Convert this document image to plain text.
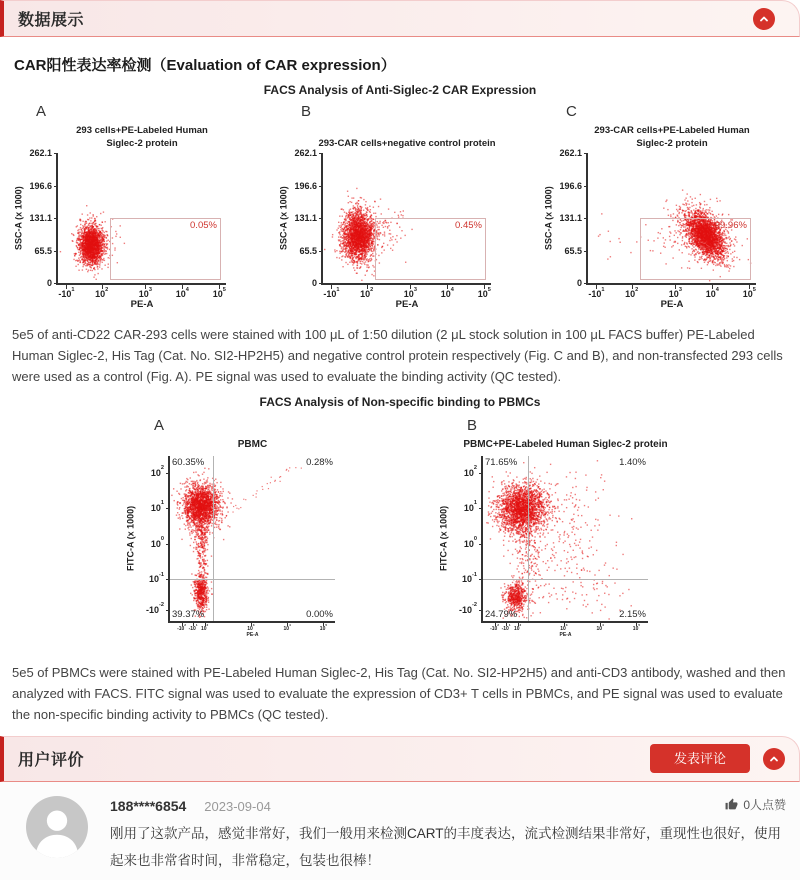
数据展示
CAR阳性表达率检测（Evaluation of CAR expression）
FACS Analysis of Anti-Siglec-2 CAR Expression
A
293 cells+PE-Labeled Human
Siglec-2 protein
SSC-A (x 1000)
262.1
196.6
131.1
65.5
0
0.05%
$-10^1$ $10^2$	$10^3$	$10^4$	$10^5$
PE-A
B
293-CAR cells+negative control protein
SSC-A (x 1000)
262.1
196.6
131.1
65.5
0
0.45%
$-10^1$ $10^2$	$10^3$	$10^4$	$10^5$
PE-A
C
293-CAR cells+PE-Labeled Human
Siglec-2 protein
SSC-A (x 1000)
262.1
196.6
131.1
65.5
0
99.96%
$-10^1$ $10^2$	$10^3$	$10^4$	$10^5$
PE-A

5e5 of anti-CD22 CAR-293 cells were stained with 100 μL of 1:50 dilution (2 μL stock solution in 100 μL FACS buffer) PE-Labeled Human Siglec-2, His Tag (Cat. No. SI2-HP2H5) and negative control protein respectively (Fig. C and B), and non-transfected 293 cells were used as a control (Fig. A). PE signal was used to evaluate the binding activity (QC tested).

FACS Analysis of Non-specific binding to PBMCs
A
PBMC
FITC-A (x 1000)
$10^2$
$10^1$
$10^0$
$10^{-1}$
$-10^{-2}$
60.35%	0.28%
39.37%	0.00%
$-10^2$
$-10^1$
$10^2$
$10^3$
$10^4$
$10^5$
PE-A
B
PBMC+PE-Labeled Human Siglec-2 protein
FITC-A (x 1000)
$10^2$
$10^1$
$10^0$
$10^{-1}$
$-10^{-2}$
71.65%	1.40%
24.79%	2.15%
$-10^2$
$-10^1$
$10^2$
$10^3$
$10^4$
$10^5$
PE-A

5e5 of PBMCs were stained with PE-Labeled Human Siglec-2, His Tag (Cat. No. SI2-HP2H5) and anti-CD3 antibody, washed and then analyzed with FACS. FITC signal was used to evaluate the expression of CD3+ T cells in PBMCs, and PE signal was used to evaluate the non-specific binding activity to PBMCs (QC tested).

用户评价	发表评论
188****6854 2023-09-04	0人点赞

刚用了这款产品，感觉非常好，我们一般用来检测CART的丰度表达，流式检测结果非常好，重现性也很好，使用起来也非常省时间，非常稳定，包装也很棒！
